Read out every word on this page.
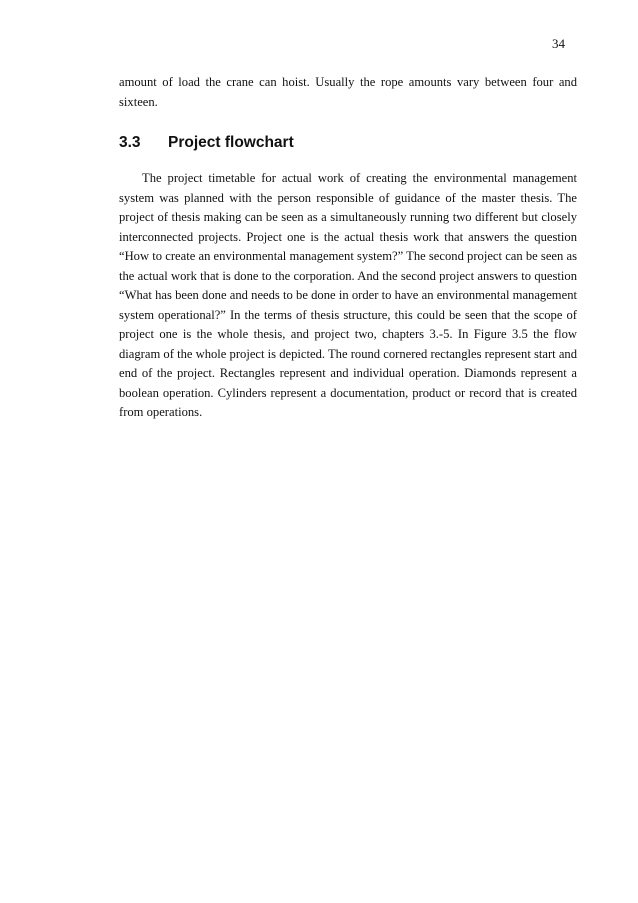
34

amount of load the crane can hoist. Usually the rope amounts vary between four and sixteen.

3.3	Project flowchart

The project timetable for actual work of creating the environmental management system was planned with the person responsible of guidance of the master thesis. The project of thesis making can be seen as a simultaneously running two different but closely interconnected projects. Project one is the actual thesis work that answers the question “How to create an environmental management system?” The second project can be seen as the actual work that is done to the corporation. And the second project answers to question “What has been done and needs to be done in order to have an environmental management system operational?” In the terms of thesis structure, this could be seen that the scope of project one is the whole thesis, and project two, chapters 3.-5. In Figure 3.5 the flow diagram of the whole project is depicted. The round cornered rectangles represent start and end of the project. Rectangles represent and individual operation. Diamonds represent a boolean operation. Cylinders represent a documentation, product or record that is created from operations.
